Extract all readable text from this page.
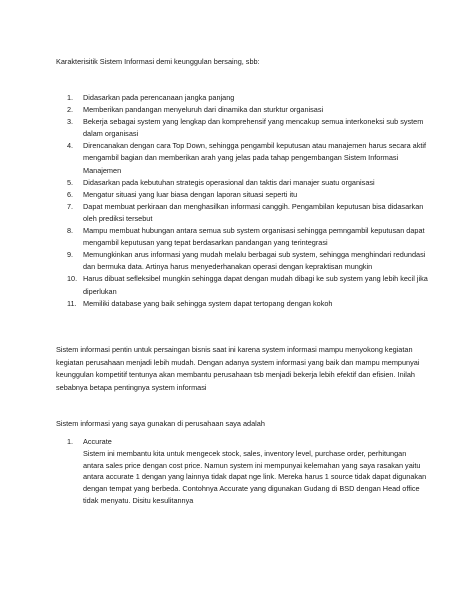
Karakterisitik Sistem Informasi demi keunggulan bersaing, sbb:

1. Didasarkan pada perencanaan jangka panjang
2. Memberikan pandangan menyeluruh dari dinamika dan sturktur organisasi
3. Bekerja sebagai system yang lengkap dan komprehensif yang mencakup semua interkoneksi sub system dalam organisasi
4. Direncanakan dengan cara Top Down, sehingga pengambil keputusan atau manajemen harus secara aktif mengambil bagian dan memberikan arah yang jelas pada tahap pengembangan Sistem Informasi Manajemen
5. Didasarkan pada kebutuhan strategis operasional dan taktis dari manajer suatu organisasi
6. Mengatur situasi yang luar biasa dengan laporan situasi seperti itu
7. Dapat membuat perkiraan dan menghasilkan informasi canggih. Pengambilan keputusan bisa didasarkan oleh prediksi tersebut
8. Mampu membuat hubungan antara semua sub system organisasi sehingga pemngambil keputusan dapat mengambil keputusan yang tepat berdasarkan pandangan yang terintegrasi
9. Memungkinkan arus informasi yang mudah melalu berbagai sub system, sehingga menghindari redundasi dan bermuka data. Artinya harus menyederhanakan operasi dengan kepraktisan mungkin
10. Harus dibuat sefleksibel mungkin sehingga dapat dengan mudah dibagi ke sub system yang lebih kecil jika diperlukan
11. Memiliki database yang baik sehingga system dapat tertopang dengan kokoh

Sistem informasi pentin untuk persaingan bisnis saat ini karena system informasi mampu menyokong kegiatan kegiatan perusahaan menjadi lebih mudah. Dengan adanya system informasi yang baik dan mampu mempunyai keunggulan kompetitif tentunya akan membantu perusahaan tsb menjadi bekerja lebih efektif dan efisien. Inilah sebabnya betapa pentingnya system informasi

Sistem informasi yang saya gunakan di perusahaan saya adalah

1. Accurate
Sistem ini membantu kita untuk mengecek stock, sales, inventory level, purchase order, perhitungan antara sales price dengan cost price. Namun system ini mempunyai kelemahan yang saya rasakan yaitu antara accurate 1 dengan yang lainnya tidak dapat nge link. Mereka harus 1 source tidak dapat digunakan dengan tempat yang berbeda. Contohnya Accurate yang digunakan Gudang di BSD dengan Head office tidak menyatu. Disitu kesulitannya
